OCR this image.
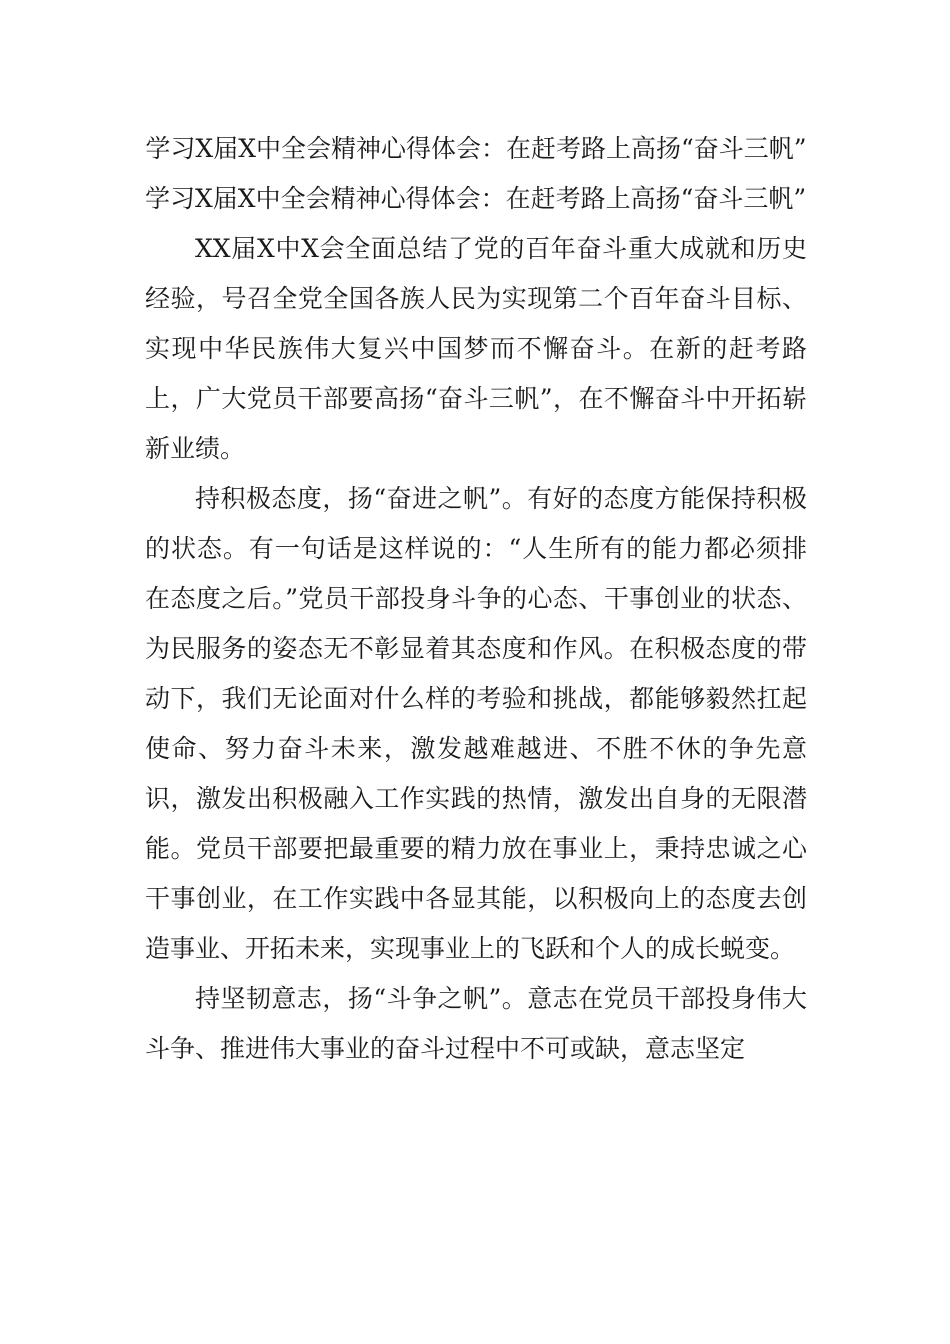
学习X届X中全会精神心得体会：在赶考路上高扬“奋斗三帆”

学习X届X中全会精神心得体会：在赶考路上高扬“奋斗三帆”

XX届X中X会全面总结了党的百年奋斗重大成就和历史经验，号召全党全国各族人民为实现第二个百年奋斗目标、实现中华民族伟大复兴中国梦而不懈奋斗。在新的赶考路上，广大党员干部要高扬“奋斗三帆”，在不懈奋斗中开拓崭新业绩。

持积极态度，扬“奋进之帆”。有好的态度方能保持积极的状态。有一句话是这样说的：“人生所有的能力都必须排在态度之后。”党员干部投身斗争的心态、干事创业的状态、为民服务的姿态无不彰显着其态度和作风。在积极态度的带动下，我们无论面对什么样的考验和挑战，都能够毅然扛起使命、努力奋斗未来，激发越难越进、不胜不休的争先意识，激发出积极融入工作实践的热情，激发出自身的无限潜能。党员干部要把最重要的精力放在事业上，秉持忠诚之心干事创业，在工作实践中各显其能，以积极向上的态度去创造事业、开拓未来，实现事业上的飞跃和个人的成长蜕变。

持坚韧意志，扬“斗争之帆”。意志在党员干部投身伟大斗争、推进伟大事业的奋斗过程中不可或缺，意志坚定
